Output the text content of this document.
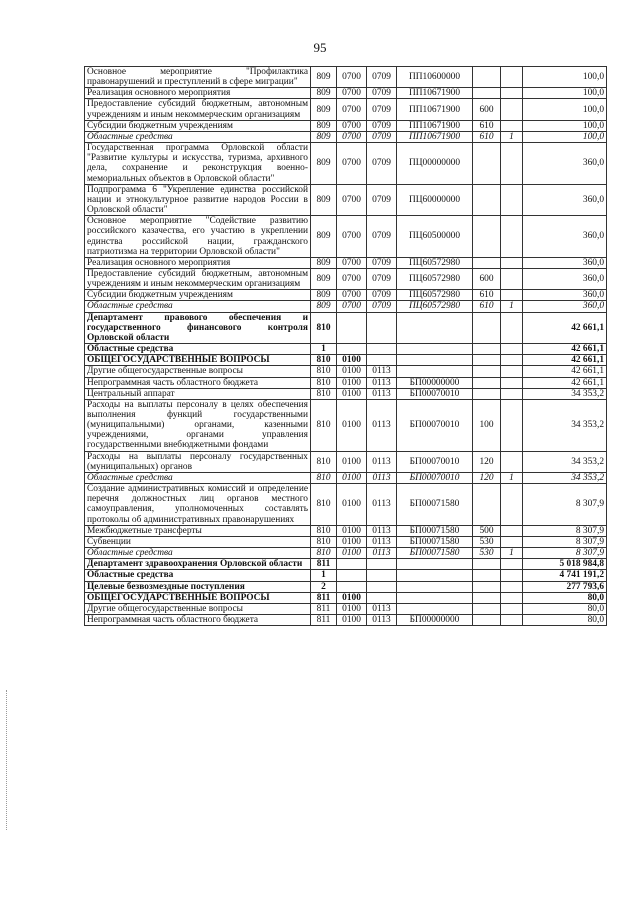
95
Основное мероприятие "Профилактика правонарушений и преступлений в сфере миграции"	809	0700	0709	ПП10600000			100,0
Реализация основного мероприятия	809	0700	0709	ПП10671900			100,0
Предоставление субсидий бюджетным, автономным учреждениям и иным некоммерческим организациям	809	0700	0709	ПП10671900	600		100,0
Субсидии бюджетным учреждениям	809	0700	0709	ПП10671900	610		100,0
Областные средства	809	0700	0709	ПП10671900	610	1	100,0
Государственная программа Орловской области "Развитие культуры и искусства, туризма, архивного дела, сохранение и реконструкция военно-мемориальных объектов в Орловской области"	809	0700	0709	ПЦ00000000			360,0
Подпрограмма 6 "Укрепление единства российской нации и этнокультурное развитие народов России в Орловской области"	809	0700	0709	ПЦ60000000			360,0
Основное мероприятие "Содействие развитию российского казачества, его участию в укреплении единства российской нации, гражданского патриотизма на территории Орловской области"	809	0700	0709	ПЦ60500000			360,0
Реализация основного мероприятия	809	0700	0709	ПЦ60572980			360,0
Предоставление субсидий бюджетным, автономным учреждениям и иным некоммерческим организациям	809	0700	0709	ПЦ60572980	600		360,0
Субсидии бюджетным учреждениям	809	0700	0709	ПЦ60572980	610		360,0
Областные средства	809	0700	0709	ПЦ60572980	610	1	360,0
Департамент правового обеспечения и государственного финансового контроля Орловской области	810						42 661,1
Областные средства	1						42 661,1
ОБЩЕГОСУДАРСТВЕННЫЕ ВОПРОСЫ	810	0100					42 661,1
Другие общегосударственные вопросы	810	0100	0113				42 661,1
Непрограммная часть областного бюджета	810	0100	0113	БП00000000			42 661,1
Центральный аппарат	810	0100	0113	БП00070010			34 353,2
Расходы на выплаты персоналу в целях обеспечения выполнения функций государственными (муниципальными) органами, казенными учреждениями, органами управления государственными внебюджетными фондами	810	0100	0113	БП00070010	100		34 353,2
Расходы на выплаты персоналу государственных (муниципальных) органов	810	0100	0113	БП00070010	120		34 353,2
Областные средства	810	0100	0113	БП00070010	120	1	34 353,2
Создание административных комиссий и определение перечня должностных лиц органов местного самоуправления, уполномоченных составлять протоколы об административных правонарушениях	810	0100	0113	БП00071580			8 307,9
Межбюджетные трансферты	810	0100	0113	БП00071580	500		8 307,9
Субвенции	810	0100	0113	БП00071580	530		8 307,9
Областные средства	810	0100	0113	БП00071580	530	1	8 307,9
Департамент здравоохранения Орловской области	811						5 018 984,8
Областные средства	1						4 741 191,2
Целевые безвозмездные поступления	2						277 793,6
ОБЩЕГОСУДАРСТВЕННЫЕ ВОПРОСЫ	811	0100					80,0
Другие общегосударственные вопросы	811	0100	0113				80,0
Непрограммная часть областного бюджета	811	0100	0113	БП00000000			80,0
